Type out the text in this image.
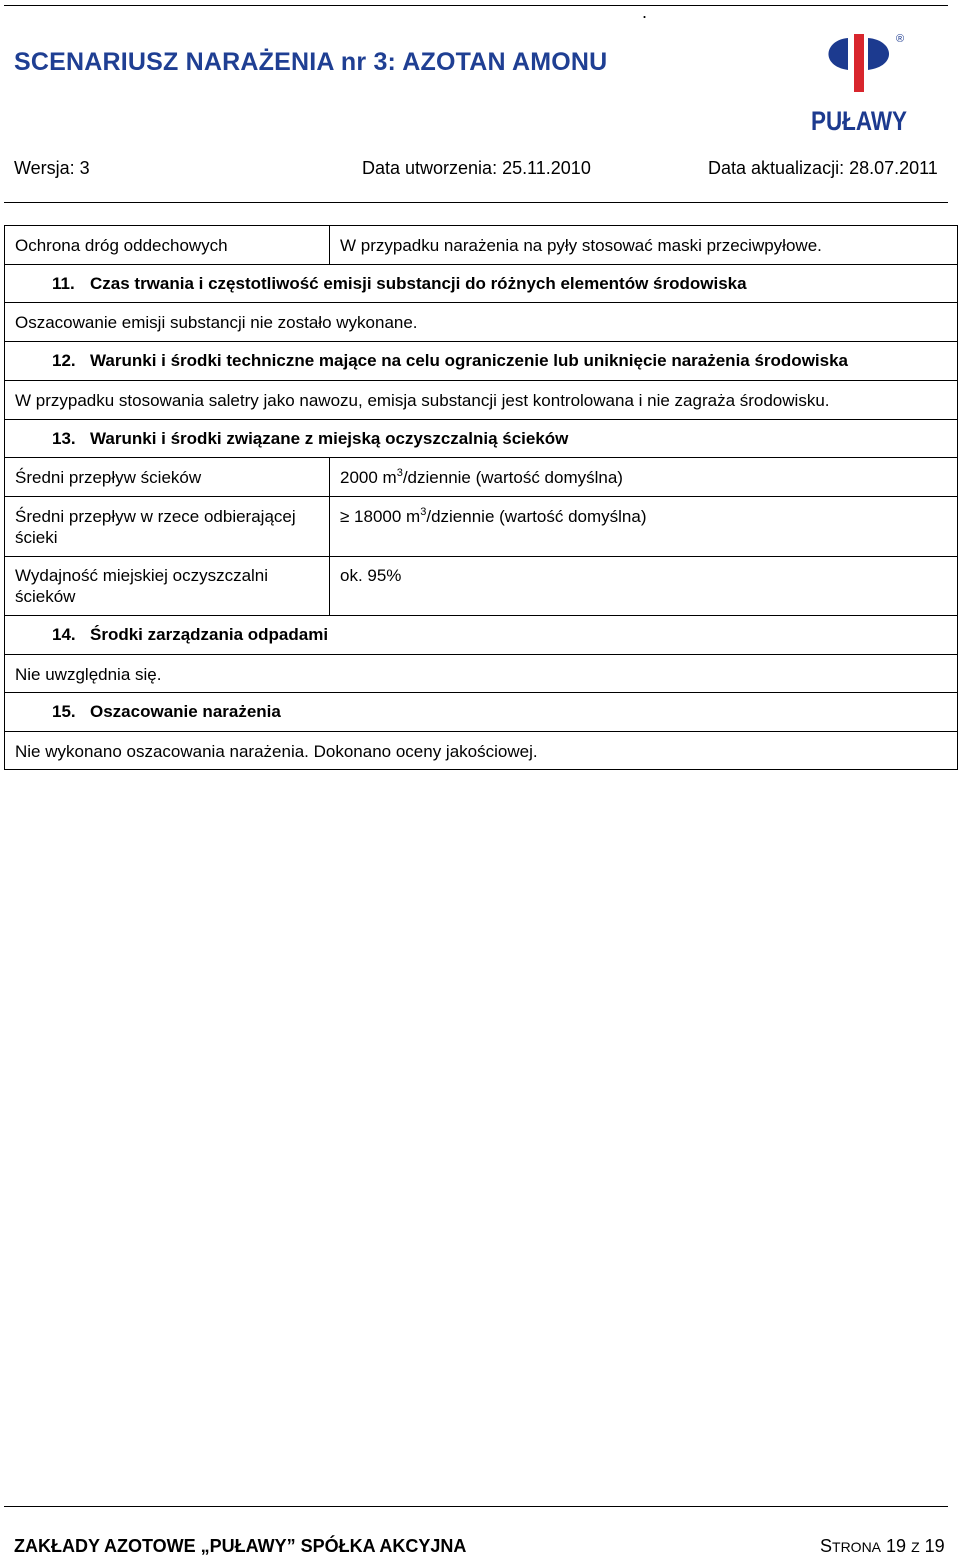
.
SCENARIUSZ NARAŻENIA nr 3: AZOTAN AMONU
®
PUŁAWY
Wersja: 3	Data utworzenia: 25.11.2010	Data aktualizacji: 28.07.2011
Ochrona dróg oddechowych	W przypadku narażenia na pyły stosować maski przeciwpyłowe.
11. Czas trwania i częstotliwość emisji substancji do różnych elementów środowiska	
Oszacowanie emisji substancji nie zostało wykonane.	
12. Warunki i środki techniczne mające na celu ograniczenie lub uniknięcie narażenia środowiska	
W przypadku stosowania saletry jako nawozu, emisja substancji jest kontrolowana i nie zagraża środowisku.	
13. Warunki i środki związane z miejską oczyszczalnią ścieków	
Średni przepływ ścieków	2000 $m^3$/dziennie (wartość domyślna)
Średni przepływ w rzece odbierającej ścieki	≥ 18000 $m^3$/dziennie (wartość domyślna)
Wydajność miejskiej oczyszczalni ścieków	ok. 95%
14. Środki zarządzania odpadami	
Nie uwzględnia się.	
15. Oszacowanie narażenia	
Nie wykonano oszacowania narażenia. Dokonano oceny jakościowej.	
ZAKŁADY AZOTOWE „PUŁAWY” SPÓŁKA AKCYJNA	STRONA 19 Z 19
